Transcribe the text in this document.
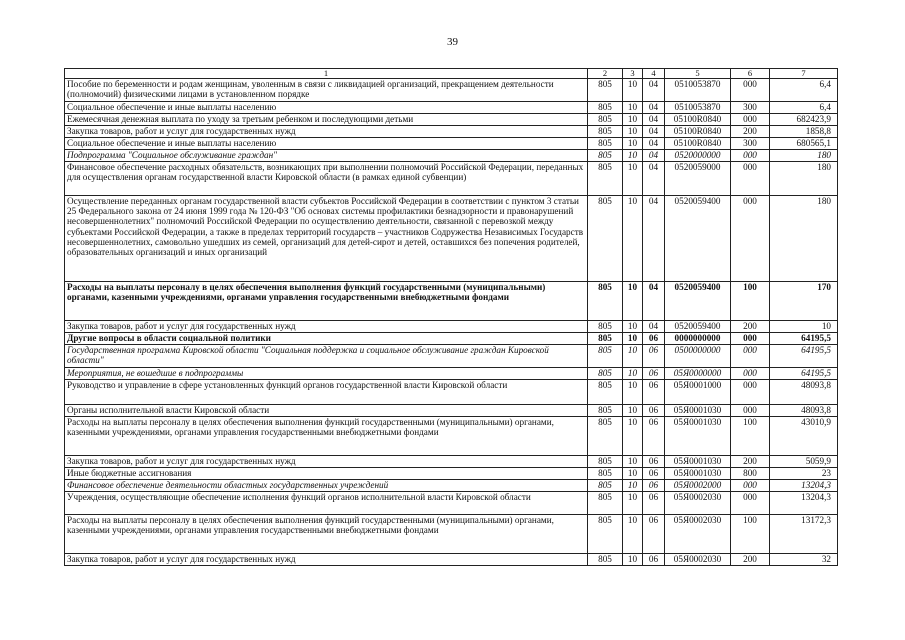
39
1	2	3	4	5	6	7
Пособие по беременности и родам женщинам, уволенным в связи с ликвидацией организаций, прекращением деятельности (полномочий) физическими лицами в установленном порядке	805	10	04	0510053870	000	6,4
Социальное обеспечение и иные выплаты населению	805	10	04	0510053870	300	6,4
Ежемесячная денежная выплата по уходу за третьим ребенком и последующими детьми	805	10	04	05100R0840	000	682423,9
Закупка товаров, работ и услуг для государственных нужд	805	10	04	05100R0840	200	1858,8
Социальное обеспечение и иные выплаты населению	805	10	04	05100R0840	300	680565,1
Подпрограмма "Социальное обслуживание граждан"	805	10	04	0520000000	000	180
Финансовое обеспечение расходных обязательств, возникающих при выполнении полномочий Российской Федерации, переданных для осуществления органам государственной власти Кировской области (в рамках единой субвенции)	805	10	04	0520059000	000	180
Осуществление переданных органам государственной власти субъектов Российской Федерации в соответствии с пунктом 3 статьи 25 Федерального закона от 24 июня 1999 года № 120-ФЗ "Об основах системы профилактики безнадзорности и правонарушений несовершеннолетних" полномочий Российской Федерации по осуществлению деятельности, связанной с перевозкой между субъектами Российской Федерации, а также в пределах территорий государств – участников Содружества Независимых Государств несовершеннолетних, самовольно ушедших из семей, организаций для детей-сирот и детей, оставшихся без попечения родителей, образовательных организаций и иных организаций	805	10	04	0520059400	000	180
Расходы на выплаты персоналу в целях обеспечения выполнения функций государственными (муниципальными) органами, казенными учреждениями, органами управления государственными внебюджетными фондами	805	10	04	0520059400	100	170
Закупка товаров, работ и услуг для государственных нужд	805	10	04	0520059400	200	10
Другие вопросы в области социальной политики	805	10	06	0000000000	000	64195,5
Государственная программа Кировской области "Социальная поддержка и социальное обслуживание граждан Кировской области"	805	10	06	0500000000	000	64195,5
Мероприятия, не вошедшие в подпрограммы	805	10	06	05Я0000000	000	64195,5
Руководство и управление в сфере установленных функций органов государственной власти Кировской области	805	10	06	05Я0001000	000	48093,8
Органы исполнительной власти Кировской области	805	10	06	05Я0001030	000	48093,8
Расходы на выплаты персоналу в целях обеспечения выполнения функций государственными (муниципальными) органами, казенными учреждениями, органами управления государственными внебюджетными фондами	805	10	06	05Я0001030	100	43010,9
Закупка товаров, работ и услуг для государственных нужд	805	10	06	05Я0001030	200	5059,9
Иные бюджетные ассигнования	805	10	06	05Я0001030	800	23
Финансовое обеспечение деятельности областных государственных учреждений	805	10	06	05Я0002000	000	13204,3
Учреждения, осуществляющие обеспечение исполнения функций органов исполнительной власти Кировской области	805	10	06	05Я0002030	000	13204,3
Расходы на выплаты персоналу в целях обеспечения выполнения функций государственными (муниципальными) органами, казенными учреждениями, органами управления государственными внебюджетными фондами	805	10	06	05Я0002030	100	13172,3
Закупка товаров, работ и услуг для государственных нужд	805	10	06	05Я0002030	200	32
